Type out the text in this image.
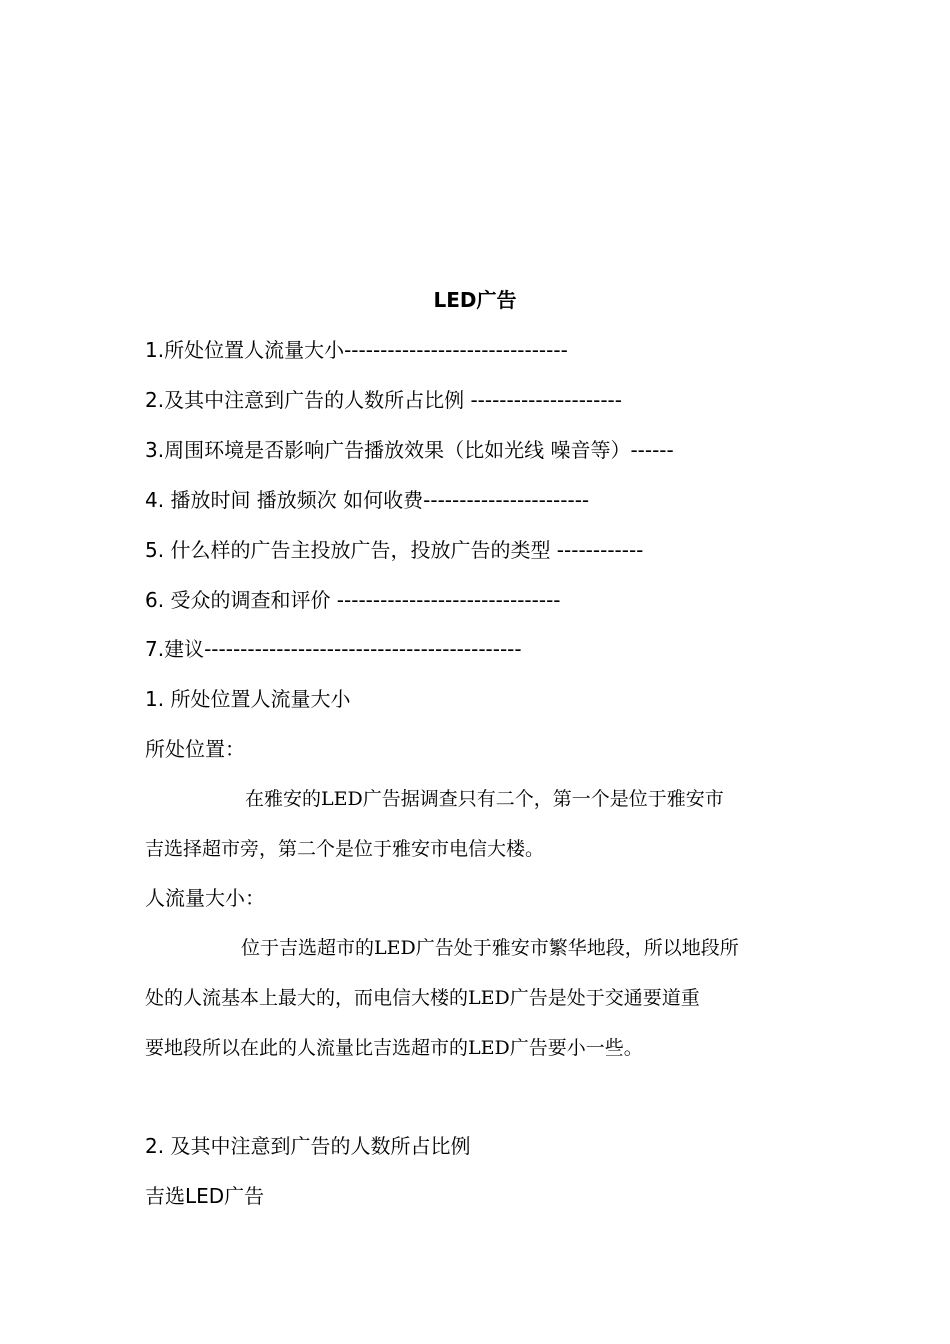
LED广告
1.所处位置人流量大小-------------------------------
2.及其中注意到广告的人数所占比例 ---------------------
3.周围环境是否影响广告播放效果（比如光线 噪音等）------
4. 播放时间 播放频次 如何收费-----------------------
5. 什么样的广告主投放广告，投放广告的类型 ------------
6. 受众的调查和评价 -------------------------------
7.建议--------------------------------------------
1. 所处位置人流量大小
所处位置：
在雅安的LED广告据调查只有二个，第一个是位于雅安市
吉选择超市旁，第二个是位于雅安市电信大楼。
人流量大小：
位于吉选超市的LED广告处于雅安市繁华地段，所以地段所
处的人流基本上最大的，而电信大楼的LED广告是处于交通要道重
要地段所以在此的人流量比吉选超市的LED广告要小一些。
2. 及其中注意到广告的人数所占比例
吉选LED广告
